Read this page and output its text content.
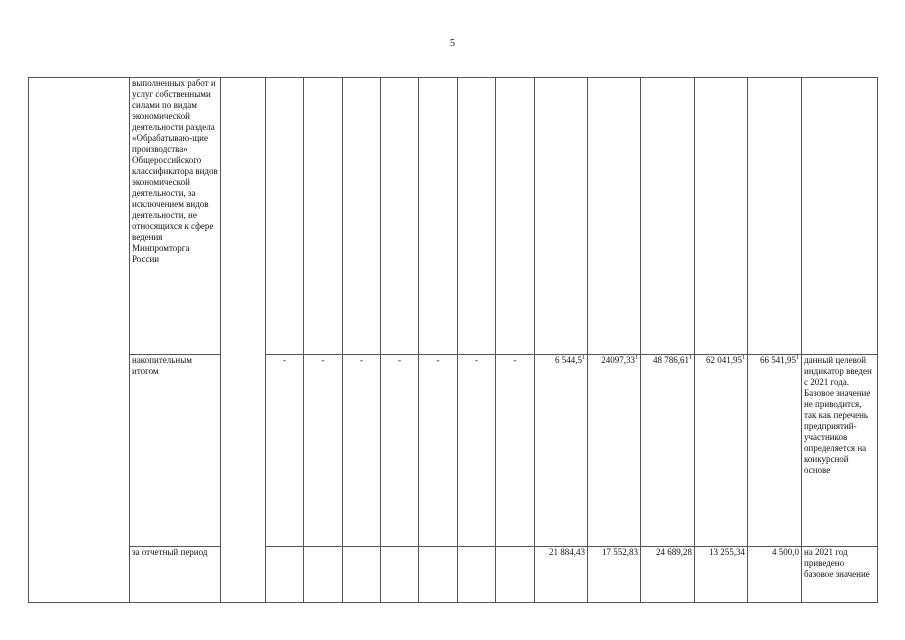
5
	выполненных работ и услуг собственными силами по видам экономической деятельности раздела «Обрабатываю-щие производства» Общероссийского классификатора видов экономической деятельности, за исключением видов деятельности, не относящихся к сфере ведения Минпромторга России														
	накопительным итогом		-	-	-	-	-	-	-	6 544,5$^1$	24097,33$^1$	48 786,61$^1$	62 041,95$^1$	66 541,95$^1$	данный целевой индикатор введен с 2021 года. Базовое значение не приводится, так как перечень предприятий-участников определяется на конкурсной основе
	за отчетный период									21 884,43	17 552,83	24 689,28	13 255,34	4 500,0	на 2021 год приведено базовое значение
